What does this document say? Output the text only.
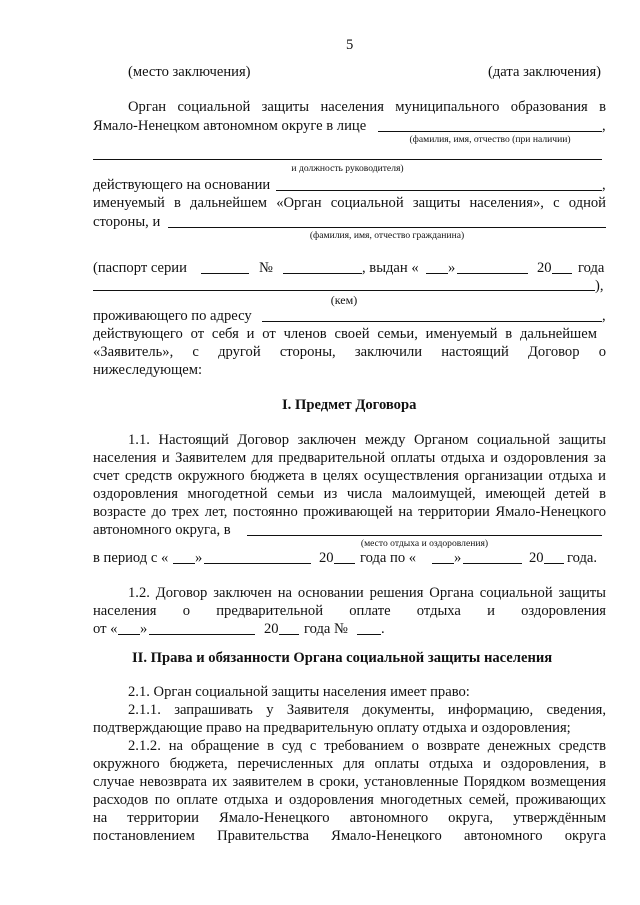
5
(место заключения)	(дата заключения)
Орган социальной защиты населения муниципального образования в
Ямало-Ненецком автономном округе в лице	,
(фамилия, имя, отчество (при наличии)
и должность руководителя)
действующего на основании	,
именуемый в дальнейшем «Орган социальной защиты населения», с одной
стороны, и
(фамилия, имя, отчество гражданина)
(паспорт серии	№	, выдан « »	20 года
),
(кем)
проживающего по адресу	,
действующего от себя и от членов своей семьи, именуемый в дальнейшем
«Заявитель», с другой стороны, заключили настоящий Договор о
нижеследующем:
I. Предмет Договора
1.1. Настоящий Договор заключен между Органом социальной защиты
населения и Заявителем для предварительной оплаты отдыха и оздоровления за
счет средств окружного бюджета в целях осуществления организации отдыха и
оздоровления многодетной семьи из числа малоимущей, имеющей детей в
возрасте до трех лет, постоянно проживающей на территории Ямало-Ненецкого
автономного округа, в
(место отдыха и оздоровления)
в период с « »	20 года по «	»	20 года.
1.2. Договор заключен на основании решения Органа социальной защиты
населения о предварительной оплате отдыха и оздоровления
от « »	20 года № .
II. Права и обязанности Органа социальной защиты населения
2.1. Орган социальной защиты населения имеет право:
2.1.1. запрашивать у Заявителя документы, информацию, сведения,
подтверждающие право на предварительную оплату отдыха и оздоровления;
2.1.2. на обращение в суд с требованием о возврате денежных средств
окружного бюджета, перечисленных для оплаты отдыха и оздоровления, в
случае невозврата их заявителем в сроки, установленные Порядком возмещения
расходов по оплате отдыха и оздоровления многодетных семей, проживающих
на территории Ямало-Ненецкого автономного округа, утверждённым
постановлением Правительства Ямало-Ненецкого автономного округа
